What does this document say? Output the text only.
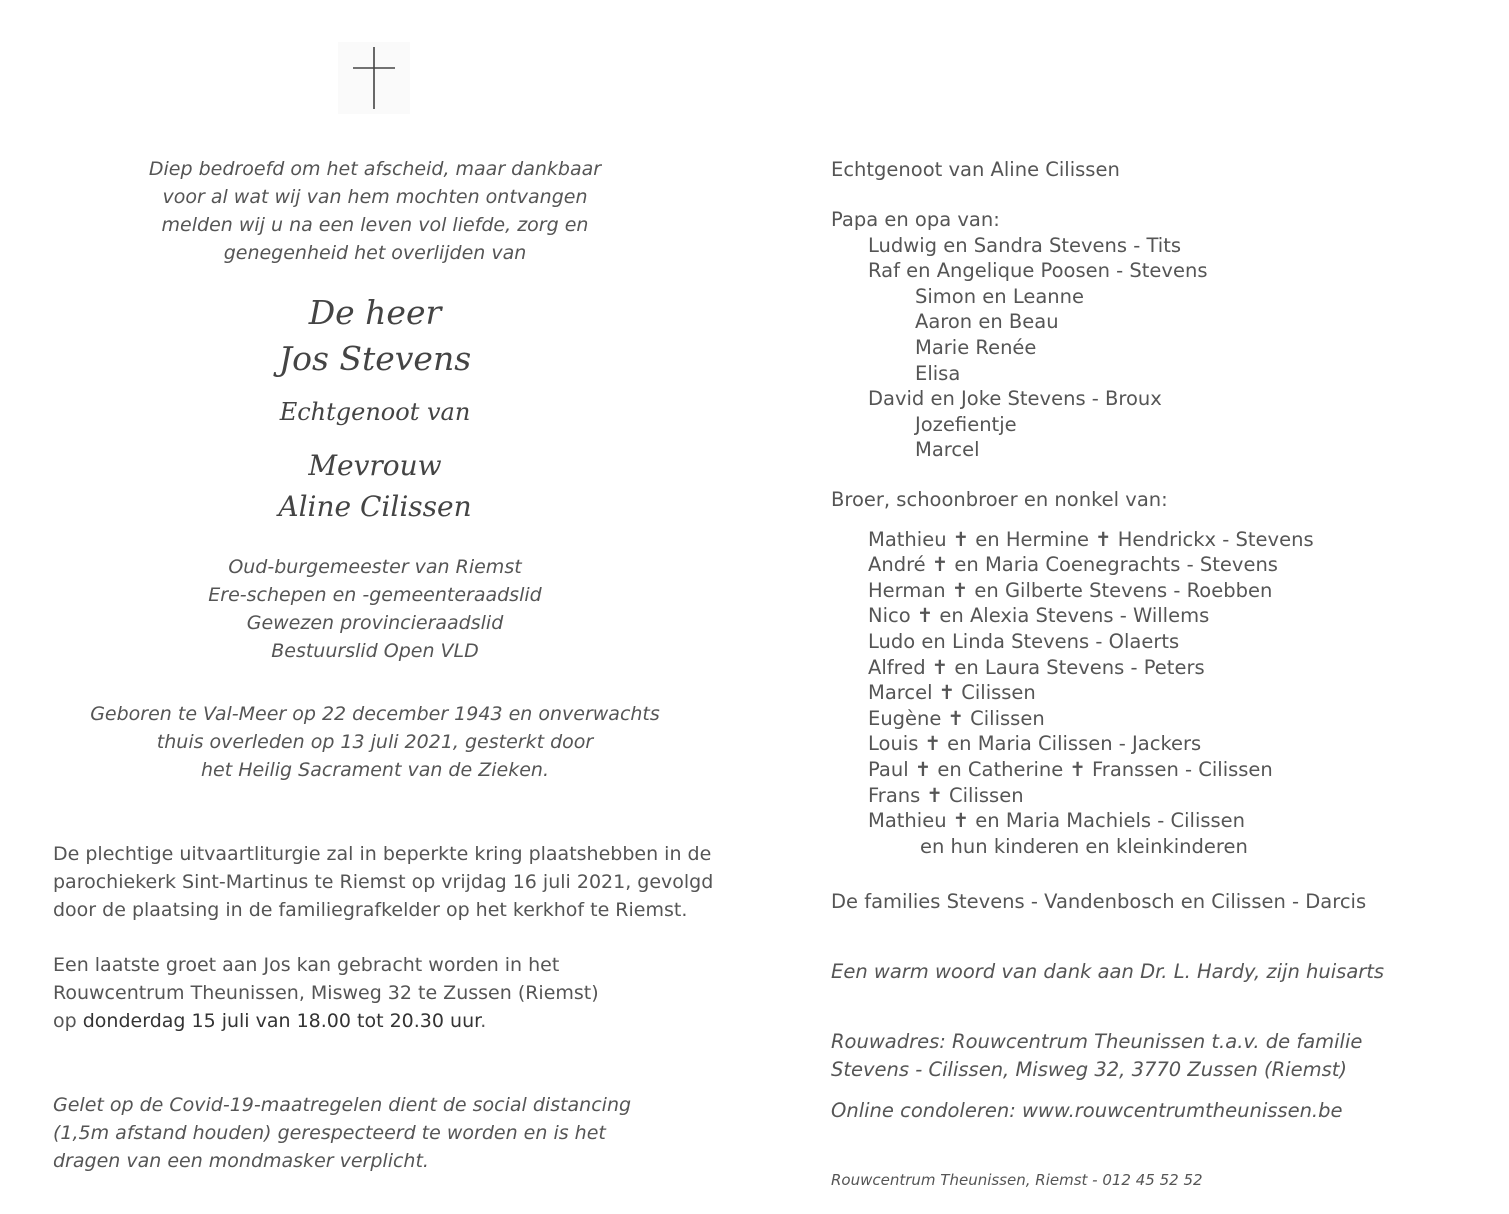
Diep bedroefd om het afscheid, maar dankbaar
voor al wat wij van hem mochten ontvangen
melden wij u na een leven vol liefde, zorg en
genegenheid het overlijden van
De heer
Jos Stevens
Echtgenoot van
Mevrouw
Aline Cilissen
Oud-burgemeester van Riemst
Ere-schepen en -gemeenteraadslid
Gewezen provincieraadslid
Bestuurslid Open VLD
Geboren te Val-Meer op 22 december 1943 en onverwachts
thuis overleden op 13 juli 2021, gesterkt door
het Heilig Sacrament van de Zieken.
De plechtige uitvaartliturgie zal in beperkte kring plaatshebben in de
parochiekerk Sint-Martinus te Riemst op vrijdag 16 juli 2021, gevolgd
door de plaatsing in de familiegrafkelder op het kerkhof te Riemst.
Een laatste groet aan Jos kan gebracht worden in het
Rouwcentrum Theunissen, Misweg 32 te Zussen (Riemst)
op donderdag 15 juli van 18.00 tot 20.30 uur.
Gelet op de Covid-19-maatregelen dient de social distancing
(1,5m afstand houden) gerespecteerd te worden en is het
dragen van een mondmasker verplicht.
Echtgenoot van Aline Cilissen
Papa en opa van:
Ludwig en Sandra Stevens - Tits
Raf en Angelique Poosen - Stevens
Simon en Leanne
Aaron en Beau
Marie Renée
Elisa
David en Joke Stevens - Broux
Jozefientje
Marcel
Broer, schoonbroer en nonkel van:
Mathieu ✝ en Hermine ✝ Hendrickx - Stevens
André ✝ en Maria Coenegrachts - Stevens
Herman ✝ en Gilberte Stevens - Roebben
Nico ✝ en Alexia Stevens - Willems
Ludo en Linda Stevens - Olaerts
Alfred ✝ en Laura Stevens - Peters
Marcel ✝ Cilissen
Eugène ✝ Cilissen
Louis ✝ en Maria Cilissen - Jackers
Paul ✝ en Catherine ✝ Franssen - Cilissen
Frans ✝ Cilissen
Mathieu ✝ en Maria Machiels - Cilissen
en hun kinderen en kleinkinderen
De families Stevens - Vandenbosch en Cilissen - Darcis
Een warm woord van dank aan Dr. L. Hardy, zijn huisarts
Rouwadres: Rouwcentrum Theunissen t.a.v. de familie
Stevens - Cilissen, Misweg 32, 3770 Zussen (Riemst)
Online condoleren: www.rouwcentrumtheunissen.be
Rouwcentrum Theunissen, Riemst - 012 45 52 52
